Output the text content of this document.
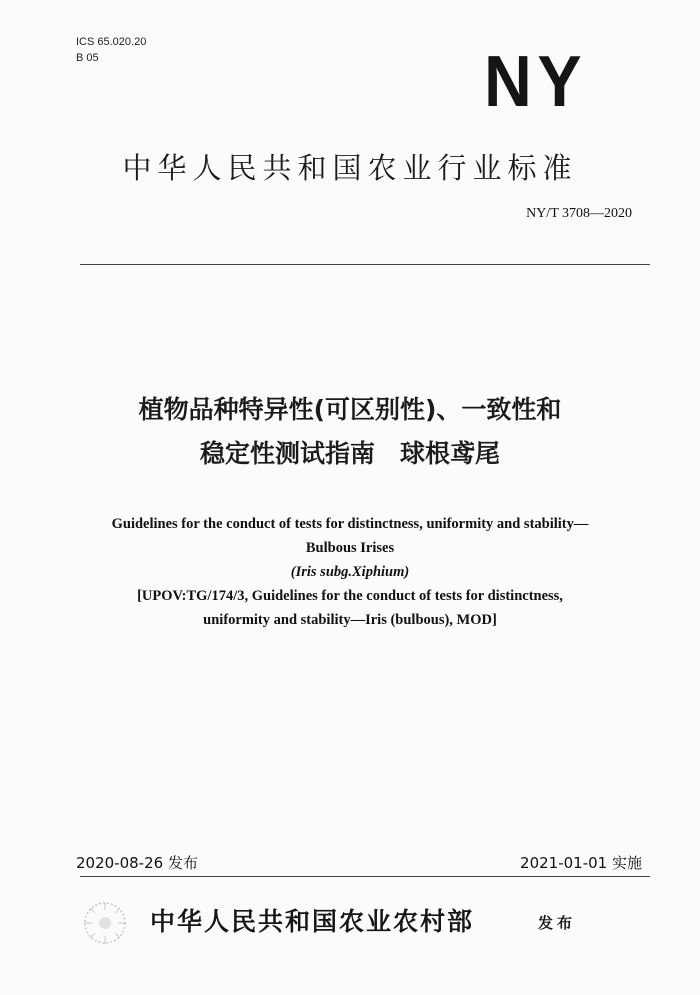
ICS 65.020.20
B 05	NY
中华人民共和国农业行业标准
NY/T 3708—2020
植物品种特异性(可区别性)、一致性和
稳定性测试指南　球根鸢尾
Guidelines for the conduct of tests for distinctness, uniformity and stability—
Bulbous Irises
(Iris subg.Xiphium)
[UPOV:TG/174/3, Guidelines for the conduct of tests for distinctness,
uniformity and stability—Iris (bulbous), MOD]
2020-08-26 发布	2021-01-01 实施
中华人民共和国农业农村部	发布
